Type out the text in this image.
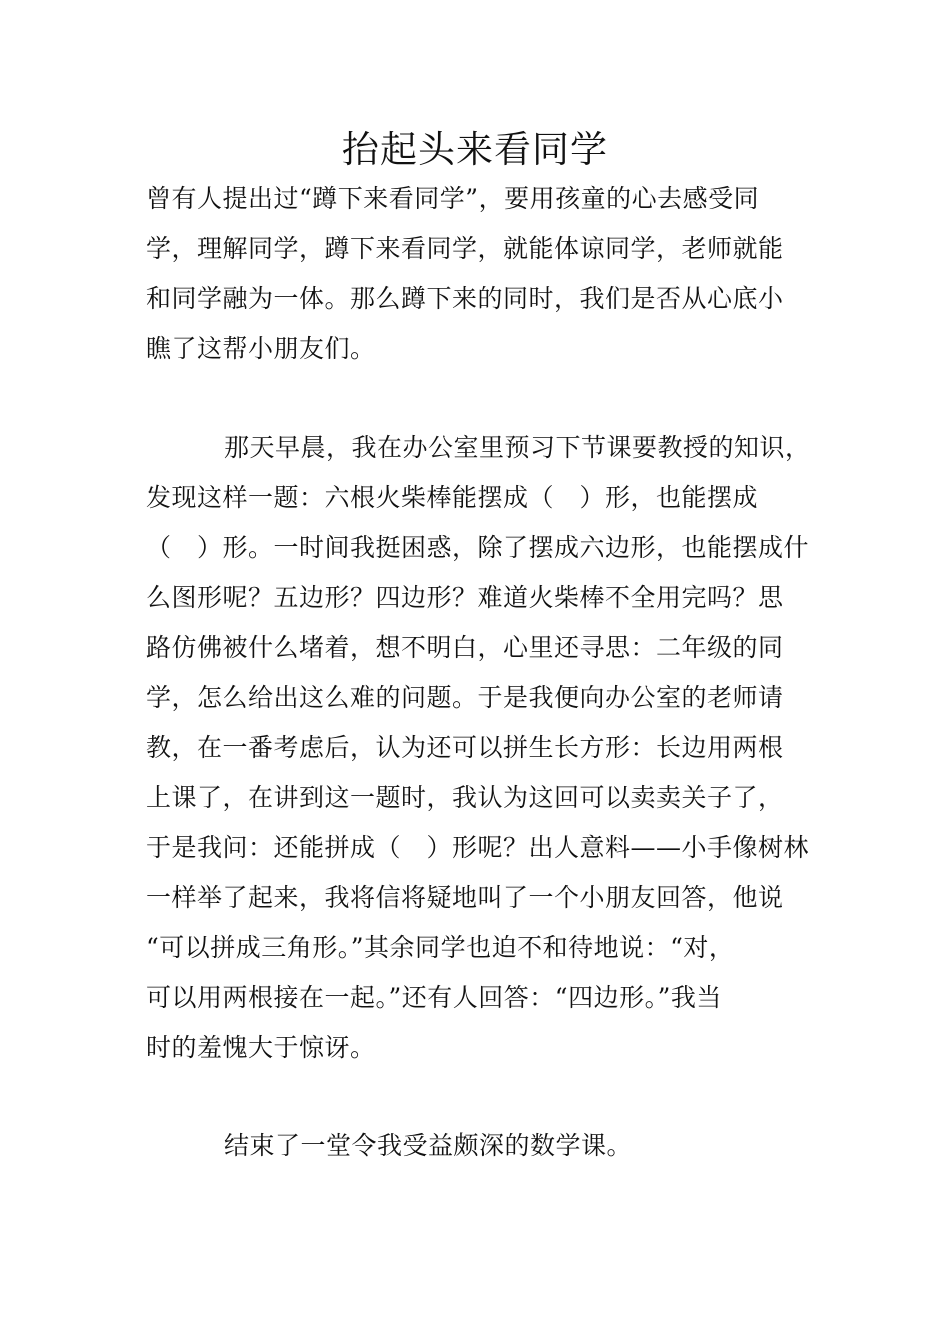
抬起头来看同学
曾有人提出过“蹲下来看同学”，要用孩童的心去感受同
学，理解同学，蹲下来看同学，就能体谅同学，老师就能
和同学融为一体。那么蹲下来的同时，我们是否从心底小
瞧了这帮小朋友们。
那天早晨，我在办公室里预习下节课要教授的知识，
发现这样一题：六根火柴棒能摆成（　）形，也能摆成
（　）形。一时间我挺困惑，除了摆成六边形，也能摆成什
么图形呢？五边形？四边形？难道火柴棒不全用完吗？思
路仿佛被什么堵着，想不明白，心里还寻思：二年级的同
学，怎么给出这么难的问题。于是我便向办公室的老师请
教，在一番考虑后，认为还可以拼生长方形：长边用两根
上课了，在讲到这一题时，我认为这回可以卖卖关子了，
于是我问：还能拼成（　）形呢？出人意料——小手像树林
一样举了起来，我将信将疑地叫了一个小朋友回答，他说
“可以拼成三角形。”其余同学也迫不和待地说：“对，
可以用两根接在一起。”还有人回答：“四边形。”我当
时的羞愧大于惊讶。
结束了一堂令我受益颇深的数学课。
